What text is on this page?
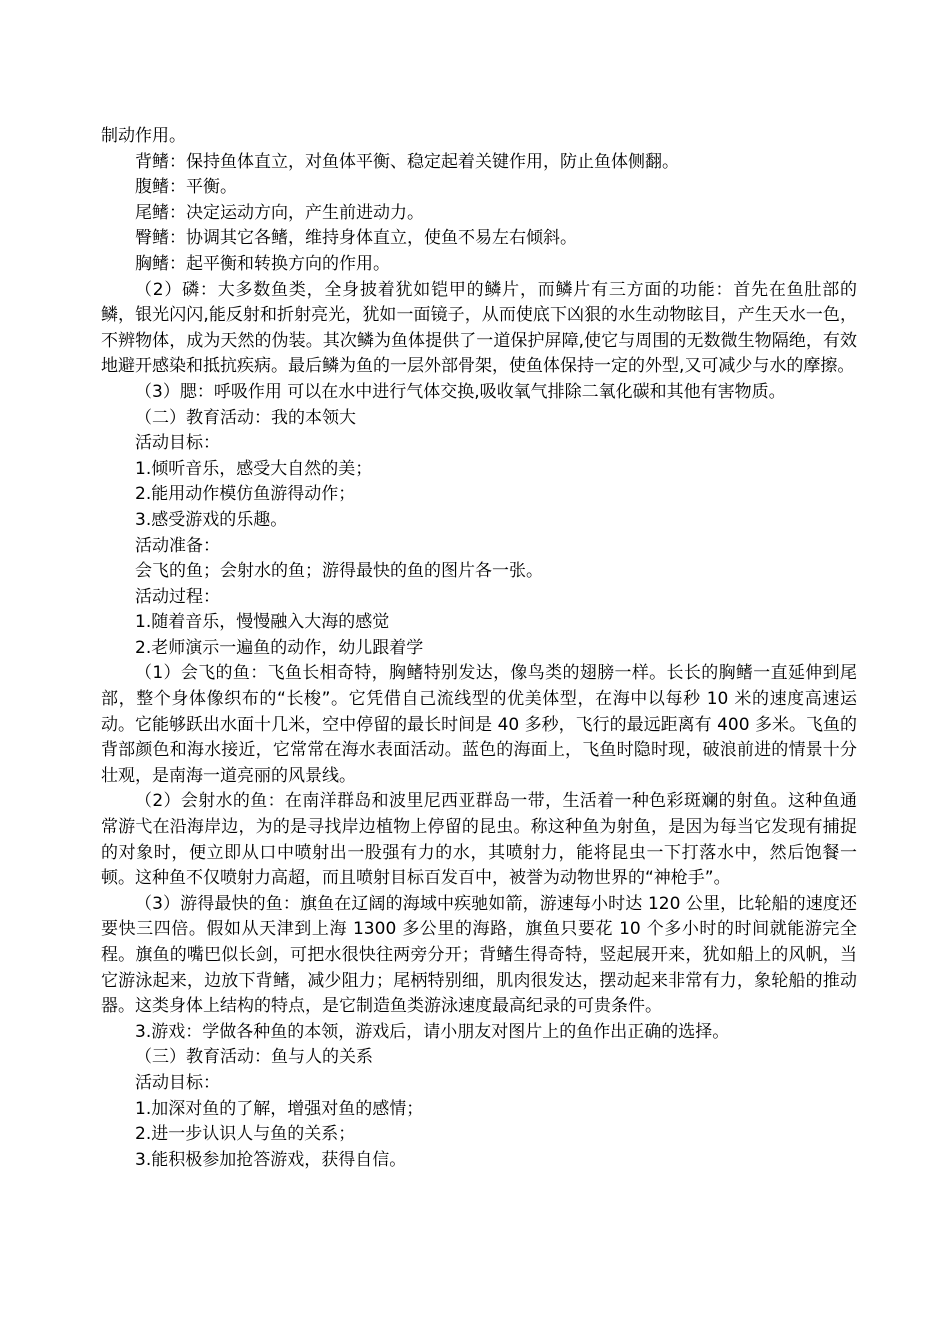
制动作用。

背鳍：保持鱼体直立，对鱼体平衡、稳定起着关键作用，防止鱼体侧翻。

腹鳍：平衡。

尾鳍：决定运动方向，产生前进动力。

臀鳍：协调其它各鳍，维持身体直立，使鱼不易左右倾斜。

胸鳍：起平衡和转换方向的作用。

（2）磷：大多数鱼类，全身披着犹如铠甲的鳞片，而鳞片有三方面的功能：首先在鱼肚部的鳞，银光闪闪,能反射和折射亮光，犹如一面镜子，从而使底下凶狠的水生动物眩目，产生天水一色，不辨物体，成为天然的伪装。其次鳞为鱼体提供了一道保护屏障,使它与周围的无数微生物隔绝，有效地避开感染和抵抗疾病。最后鳞为鱼的一层外部骨架，使鱼体保持一定的外型,又可减少与水的摩擦。

（3）腮：呼吸作用 可以在水中进行气体交换,吸收氧气排除二氧化碳和其他有害物质。

（二）教育活动：我的本领大

活动目标：

1.倾听音乐，感受大自然的美；

2.能用动作模仿鱼游得动作；

3.感受游戏的乐趣。

活动准备：

会飞的鱼；会射水的鱼；游得最快的鱼的图片各一张。

活动过程：

1.随着音乐，慢慢融入大海的感觉

2.老师演示一遍鱼的动作，幼儿跟着学

（1）会飞的鱼：飞鱼长相奇特，胸鳍特别发达，像鸟类的翅膀一样。长长的胸鳍一直延伸到尾部，整个身体像织布的“长梭”。它凭借自己流线型的优美体型，在海中以每秒 10 米的速度高速运动。它能够跃出水面十几米，空中停留的最长时间是 40 多秒，飞行的最远距离有 400 多米。飞鱼的背部颜色和海水接近，它常常在海水表面活动。蓝色的海面上，飞鱼时隐时现，破浪前进的情景十分壮观，是南海一道亮丽的风景线。

（2）会射水的鱼：在南洋群岛和波里尼西亚群岛一带，生活着一种色彩斑斓的射鱼。这种鱼通常游弋在沿海岸边，为的是寻找岸边植物上停留的昆虫。称这种鱼为射鱼，是因为每当它发现有捕捉的对象时，便立即从口中喷射出一股强有力的水，其喷射力，能将昆虫一下打落水中，然后饱餐一顿。这种鱼不仅喷射力高超，而且喷射目标百发百中，被誉为动物世界的“神枪手”。

（3）游得最快的鱼：旗鱼在辽阔的海域中疾驰如箭，游速每小时达 120 公里，比轮船的速度还要快三四倍。假如从天津到上海 1300 多公里的海路，旗鱼只要花 10 个多小时的时间就能游完全程。旗鱼的嘴巴似长剑，可把水很快往两旁分开；背鳍生得奇特，竖起展开来，犹如船上的风帆，当它游泳起来，边放下背鳍，减少阻力；尾柄特别细，肌肉很发达，摆动起来非常有力，象轮船的推动器。这类身体上结构的特点，是它制造鱼类游泳速度最高纪录的可贵条件。

3.游戏：学做各种鱼的本领，游戏后，请小朋友对图片上的鱼作出正确的选择。

（三）教育活动：鱼与人的关系

活动目标：

1.加深对鱼的了解，增强对鱼的感情；

2.进一步认识人与鱼的关系；

3.能积极参加抢答游戏，获得自信。
